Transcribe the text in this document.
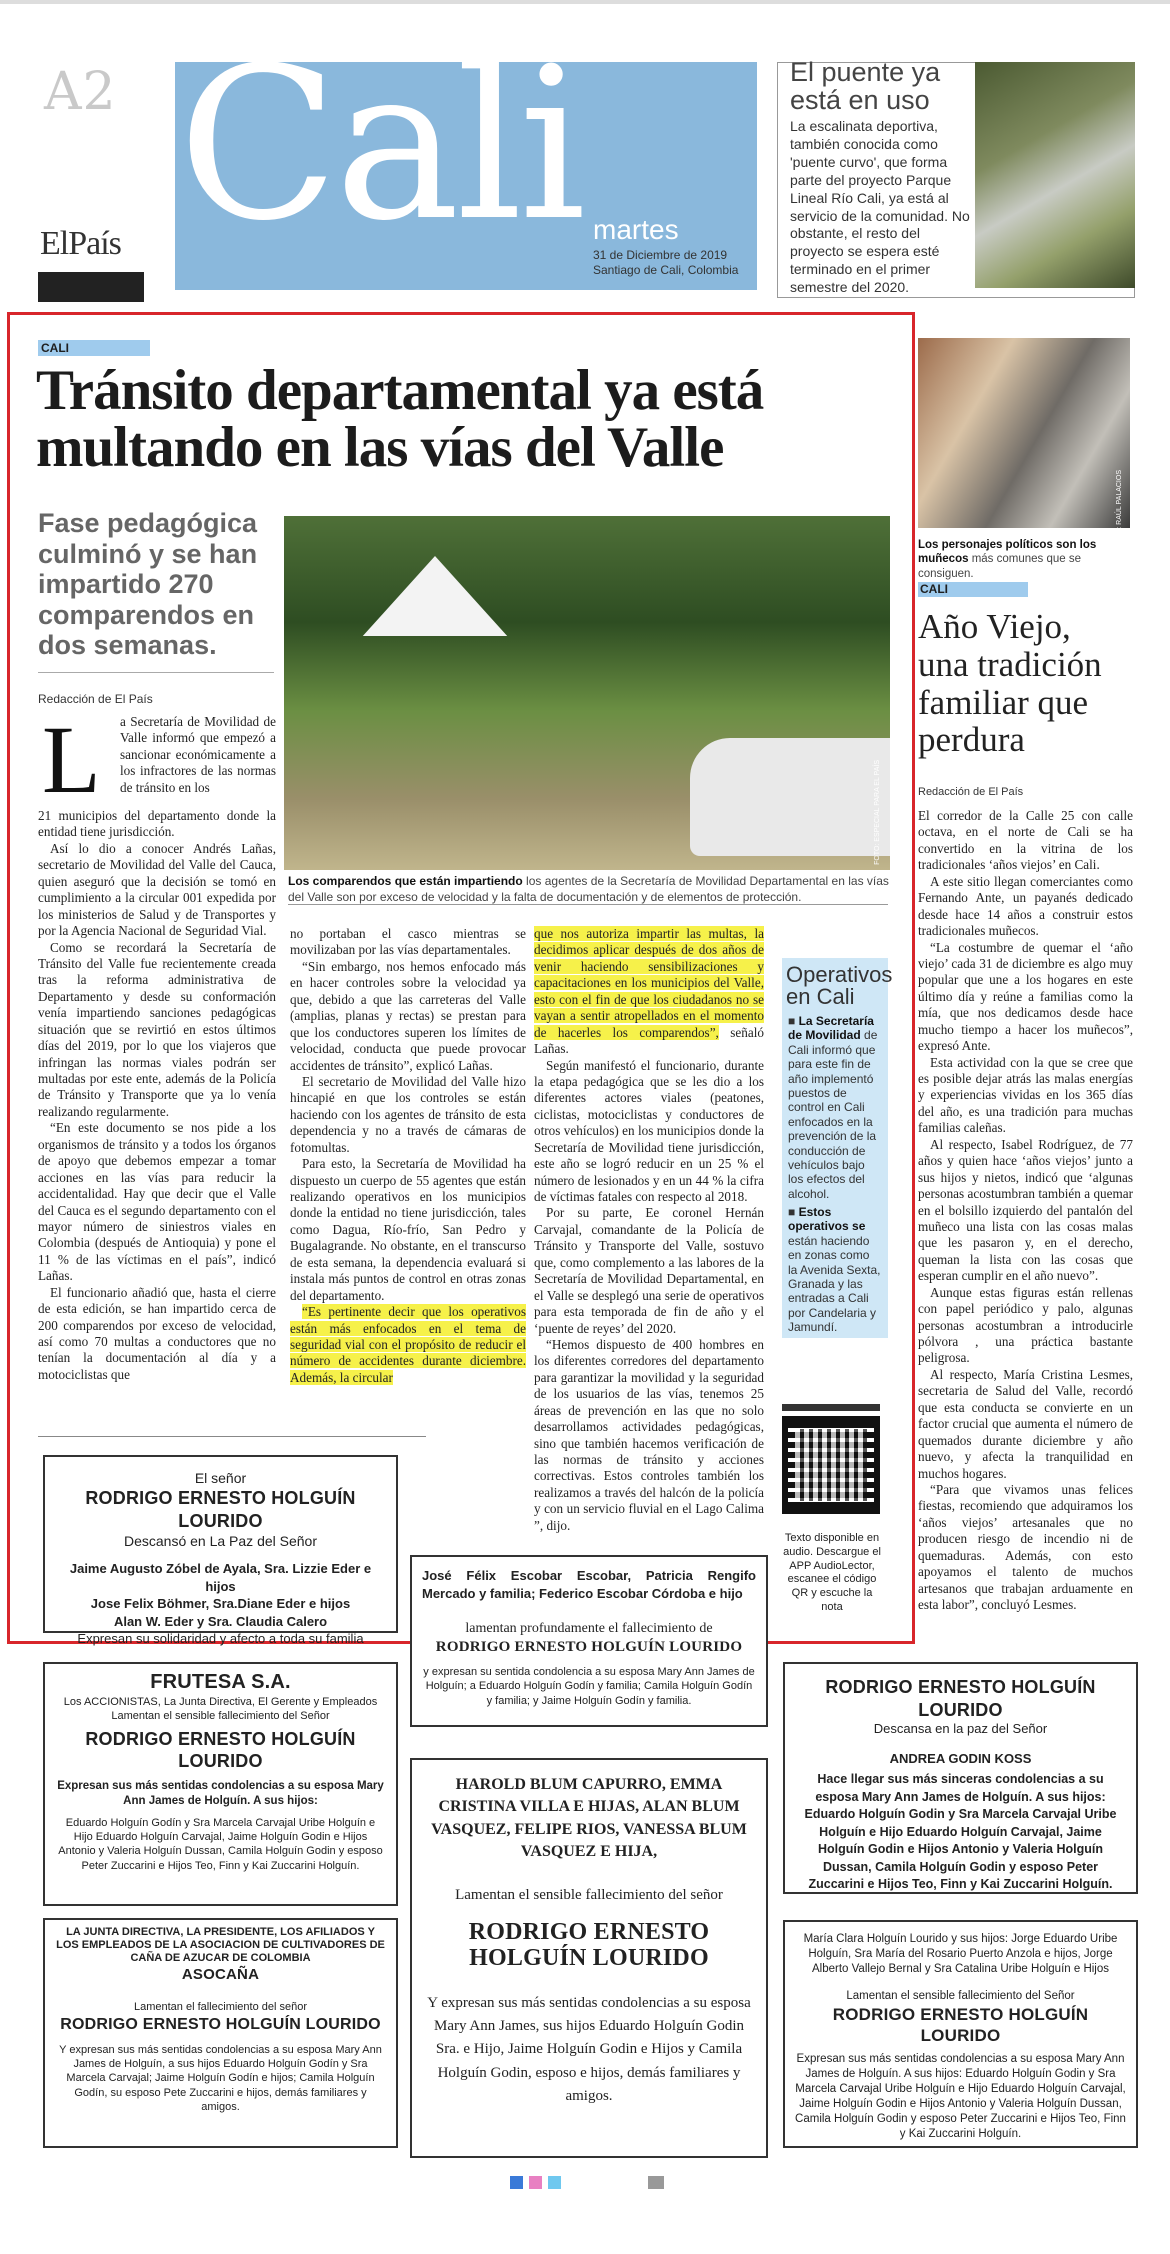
A2
ElPaís Cali martes
31 de Diciembre de 2019
Santiago de Cali, Colombia
El puente ya está en uso
La escalinata deportiva, también conocida como 'puente curvo', que forma parte del proyecto Parque Lineal Río Cali, ya está al servicio de la comunidad. No obstante, el resto del proyecto se espera esté terminado en el primer semestre del 2020.
CALI
Tránsito departamental ya está multando en las vías del Valle
Fase pedagógica culminó y se han impartido 270 comparendos en dos semanas.
Redacción de El País
L a Secretaría de Movilidad de Valle informó que empezó a sancionar económicamente a los infractores de las normas de tránsito en los

21 municipios del departamento donde la entidad tiene jurisdicción.

Así lo dio a conocer Andrés Lañas, secretario de Movilidad del Valle del Cauca, quien aseguró que la decisión se tomó en cumplimiento a la circular 001 expedida por los ministerios de Salud y de Transportes y por la Agencia Nacional de Seguridad Vial.

Como se recordará la Secretaría de Tránsito del Valle fue recientemente creada tras la reforma administrativa de Departamento y desde su conformación venía impartiendo sanciones pedagógicas situación que se revirtió en estos últimos días del 2019, por lo que los viajeros que infringan las normas viales podrán ser multadas por este ente, además de la Policía de Tránsito y Transporte que ya lo venía realizando regularmente.

“En este documento se nos pide a los organismos de tránsito y a todos los órganos de apoyo que debemos empezar a tomar acciones en las vías para reducir la accidentalidad. Hay que decir que el Valle del Cauca es el segundo departamento con el mayor número de siniestros viales en Colombia (después de Antioquia) y pone el 11 % de las víctimas en el país”, indicó Lañas.

El funcionario añadió que, hasta el cierre de esta edición, se han impartido cerca de 200 comparendos por exceso de velocidad, así como 70 multas a conductores que no tenían la documentación al día y a motociclistas que

FOTO: ESPECIAL PARA EL PAÍS
Los comparendos que están impartiendo los agentes de la Secretaría de Movilidad Departamental en las vías del Valle son por exceso de velocidad y la falta de documentación y de elementos de protección.

no portaban el casco mientras se movilizaban por las vías departamentales.

“Sin embargo, nos hemos enfocado más en hacer controles sobre la velocidad ya que, debido a que las carreteras del Valle (amplias, planas y rectas) se prestan para que los conductores superen los límites de velocidad, conducta que puede provocar accidentes de tránsito”, explicó Lañas.

El secretario de Movilidad del Valle hizo hincapié en que los controles se están haciendo con los agentes de tránsito de esta dependencia y no a través de cámaras de fotomultas.

Para esto, la Secretaría de Movilidad ha dispuesto un cuerpo de 55 agentes que están realizando operativos en los municipios donde la entidad no tiene jurisdicción, tales como Dagua, Río-frío, San Pedro y Bugalagrande. No obstante, en el transcurso de esta semana, la dependencia evaluará si instala más puntos de control en otras zonas del departamento.

“Es pertinente decir que los operativos están más enfocados en el tema de seguridad vial con el propósito de reducir el número de accidentes durante diciembre. Además, la circular

que nos autoriza impartir las multas, la decidimos aplicar después de dos años de venir haciendo sensibilizaciones y capacitaciones en los municipios del Valle, esto con el fin de que los ciudadanos no se vayan a sentir atropellados en el momento de hacerles los comparendos”, señaló Lañas.

Según manifestó el funcionario, durante la etapa pedagógica que se les dio a los diferentes actores viales (peatones, ciclistas, motociclistas y conductores de otros vehículos) en los municipios donde la Secretaría de Movilidad tiene jurisdicción, este año se logró reducir en un 25 % el número de lesionados y en un 44 % la cifra de víctimas fatales con respecto al 2018.

Por su parte, Ee coronel Hernán Carvajal, comandante de la Policía de Tránsito y Transporte del Valle, sostuvo que, como complemento a las labores de la Secretaría de Movilidad Departamental, en el Valle se desplegó una serie de operativos para esta temporada de fin de año y el ‘puente de reyes’ del 2020.

“Hemos dispuesto de 400 hombres en los diferentes corredores del departamento para garantizar la movilidad y la seguridad de los usuarios de las vías, tenemos 25 áreas de prevención en las que no solo desarrollamos actividades pedagógicas, sino que también hacemos verificación de las normas de tránsito y acciones correctivas. Estos controles también los realizamos a través del halcón de la policía y con un servicio fluvial en el Lago Calima ”, dijo.

Operativos en Cali
■ La Secretaría de Movilidad de Cali informó que para este fin de año implementó puestos de control en Cali enfocados en la prevención de la conducción de vehículos bajo los efectos del alcohol.
■ Estos operativos se están haciendo en zonas como la Avenida Sexta, Granada y las entradas a Cali por Candelaria y Jamundí.
Texto disponible en audio. Descargue el APP AudioLector, escanee el código QR y escuche la nota
FOTO: RAÚL PALACIOS
Los personajes políticos son los muñecos más comunes que se consiguen.
CALI
Año Viejo, una tradición familiar que perdura
Redacción de El País

El corredor de la Calle 25 con calle octava, en el norte de Cali se ha convertido en la vitrina de los tradicionales ‘años viejos’ en Cali.

A este sitio llegan comerciantes como Fernando Ante, un payanés dedicado desde hace 14 años a construir estos tradicionales muñecos.

“La costumbre de quemar el ‘año viejo’ cada 31 de diciembre es algo muy popular que une a los hogares en este último día y reúne a familias como la mía, que nos dedicamos desde hace mucho tiempo a hacer los muñecos”, expresó Ante.

Esta actividad con la que se cree que es posible dejar atrás las malas energías y experiencias vividas en los 365 días del año, es una tradición para muchas familias caleñas.

Al respecto, Isabel Rodríguez, de 77 años y quien hace ‘años viejos’ junto a sus hijos y nietos, indicó que ‘algunas personas acostumbran también a quemar en el bolsillo izquierdo del pantalón del muñeco una lista con las cosas malas que les pasaron y, en el derecho, queman la lista con las cosas que esperan cumplir en el año nuevo”.

Aunque estas figuras están rellenas con papel periódico y palo, algunas personas acostumbran a introducirle pólvora , una práctica bastante peligrosa.

Al respecto, María Cristina Lesmes, secretaria de Salud del Valle, recordó que esta conducta se convierte en un factor crucial que aumenta el número de quemados durante diciembre y año nuevo, y afecta la tranquilidad en muchos hogares.

“Para que vivamos unas felices fiestas, recomiendo que adquiramos los ‘años viejos’ artesanales que no producen riesgo de incendio ni de quemaduras. Además, con esto apoyamos el talento de muchos artesanos que trabajan arduamente en esta labor”, concluyó Lesmes.

El señor
RODRIGO ERNESTO HOLGUÍN LOURIDO
Descansó en La Paz del Señor
Jaime Augusto Zóbel de Ayala, Sra. Lizzie Eder e hijos
Jose Felix Böhmer, Sra.Diane Eder e hijos
Alan W. Eder y Sra. Claudia Calero
Expresan su solidaridad y afecto a toda su familia
José Félix Escobar Escobar, Patricia Rengifo Mercado y familia; Federico Escobar Córdoba e hijo
lamentan profundamente el fallecimiento de
RODRIGO ERNESTO HOLGUÍN LOURIDO
y expresan su sentida condolencia a su esposa Mary Ann James de Holguín; a Eduardo Holguín Godín y familia; Camila Holguín Godín y familia; y Jaime Holguín Godín y familia.
FRUTESA S.A.
Los ACCIONISTAS, La Junta Directiva, El Gerente y Empleados
Lamentan el sensible fallecimiento del Señor
RODRIGO ERNESTO HOLGUÍN LOURIDO
Expresan sus más sentidas condolencias a su esposa Mary Ann James de Holguín. A sus hijos:
Eduardo Holguín Godín y Sra Marcela Carvajal Uribe Holguín e Hijo Eduardo Holguín Carvajal, Jaime Holguín Godin e Hijos Antonio y Valeria Holguín Dussan, Camila Holguín Godin y esposo Peter Zuccarini e Hijos Teo, Finn y Kai Zuccarini Holguín.
HAROLD BLUM CAPURRO, EMMA CRISTINA VILLA E HIJAS, ALAN BLUM VASQUEZ, FELIPE RIOS, VANESSA BLUM VASQUEZ E HIJA,
Lamentan el sensible fallecimiento del señor
RODRIGO ERNESTO HOLGUÍN LOURIDO
Y expresan sus más sentidas condolencias a su esposa Mary Ann James, sus hijos Eduardo Holguín Godin Sra. e Hijo, Jaime Holguín Godin e Hijos y Camila Holguín Godin, esposo e hijos, demás familiares y amigos.
RODRIGO ERNESTO HOLGUÍN LOURIDO
Descansa en la paz del Señor
ANDREA GODIN KOSS
Hace llegar sus más sinceras condolencias a su esposa Mary Ann James de Holguín. A sus hijos: Eduardo Holguín Godin y Sra Marcela Carvajal Uribe Holguín e Hijo Eduardo Holguín Carvajal, Jaime Holguín Godin e Hijos Antonio y Valeria Holguín Dussan, Camila Holguín Godin y esposo Peter Zuccarini e Hijos Teo, Finn y Kai Zuccarini Holguín.
LA JUNTA DIRECTIVA, LA PRESIDENTE, LOS AFILIADOS Y LOS EMPLEADOS DE LA ASOCIACION DE CULTIVADORES DE CAÑA DE AZUCAR DE COLOMBIA
ASOCAÑA
Lamentan el fallecimiento del señor
RODRIGO ERNESTO HOLGUÍN LOURIDO
Y expresan sus más sentidas condolencias a su esposa Mary Ann James de Holguín, a sus hijos Eduardo Holguín Godín y Sra Marcela Carvajal; Jaime Holguín Godín e hijos; Camila Holguín Godín, su esposo Pete Zuccarini e hijos, demás familiares y amigos.
María Clara Holguín Lourido y sus hijos: Jorge Eduardo Uribe Holguín, Sra María del Rosario Puerto Anzola e hijos, Jorge Alberto Vallejo Bernal y Sra Catalina Uribe Holguín e Hijos
Lamentan el sensible fallecimiento del Señor
RODRIGO ERNESTO HOLGUÍN LOURIDO
Expresan sus más sentidas condolencias a su esposa Mary Ann James de Holguín. A sus hijos: Eduardo Holguín Godin y Sra Marcela Carvajal Uribe Holguín e Hijo Eduardo Holguín Carvajal, Jaime Holguín Godin e Hijos Antonio y Valeria Holguín Dussan, Camila Holguín Godin y esposo Peter Zuccarini e Hijos Teo, Finn y Kai Zuccarini Holguín.
